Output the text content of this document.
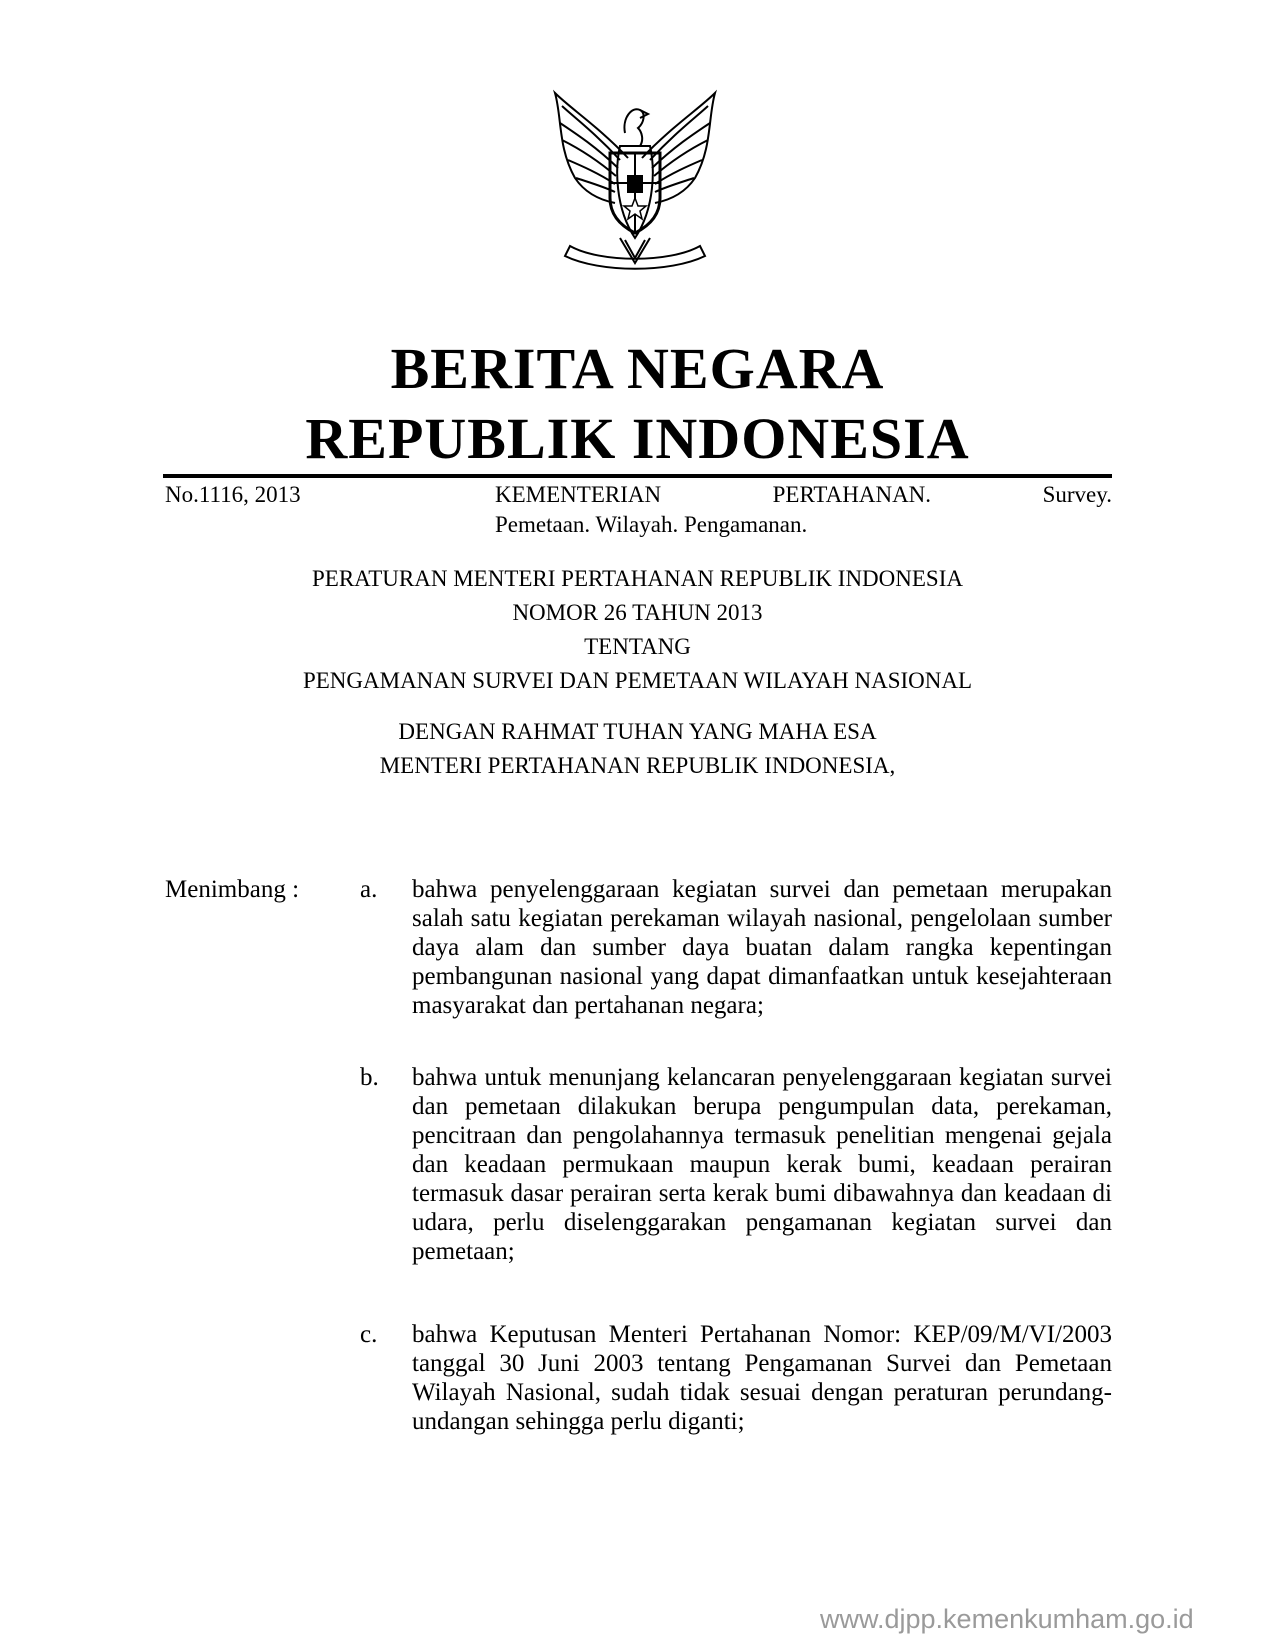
BERITA NEGARA
REPUBLIK INDONESIA
No.1116, 2013	KEMENTERIAN	PERTAHANAN.	Survey.
Pemetaan. Wilayah. Pengamanan.
PERATURAN MENTERI PERTAHANAN REPUBLIK INDONESIA
NOMOR 26 TAHUN 2013
TENTANG
PENGAMANAN SURVEI DAN PEMETAAN WILAYAH NASIONAL
DENGAN RAHMAT TUHAN YANG MAHA ESA
MENTERI PERTAHANAN REPUBLIK INDONESIA,
Menimbang : a. bahwa penyelenggaraan kegiatan survei dan pemetaan merupakan salah satu kegiatan perekaman wilayah nasional, pengelolaan sumber daya alam dan sumber daya buatan dalam rangka kepentingan pembangunan nasional yang dapat dimanfaatkan untuk kesejahteraan masyarakat dan pertahanan negara;
b. bahwa untuk menunjang kelancaran penyelenggaraan kegiatan survei dan pemetaan dilakukan berupa pengumpulan data, perekaman, pencitraan dan pengolahannya termasuk penelitian mengenai gejala dan keadaan permukaan maupun kerak bumi, keadaan perairan termasuk dasar perairan serta kerak bumi dibawahnya dan keadaan di udara, perlu diselenggarakan pengamanan kegiatan survei dan pemetaan;
c. bahwa Keputusan Menteri Pertahanan Nomor: KEP/09/M/VI/2003 tanggal 30 Juni 2003 tentang Pengamanan Survei dan Pemetaan Wilayah Nasional, sudah tidak sesuai dengan peraturan perundang-undangan sehingga perlu diganti;
www.djpp.kemenkumham.go.id
